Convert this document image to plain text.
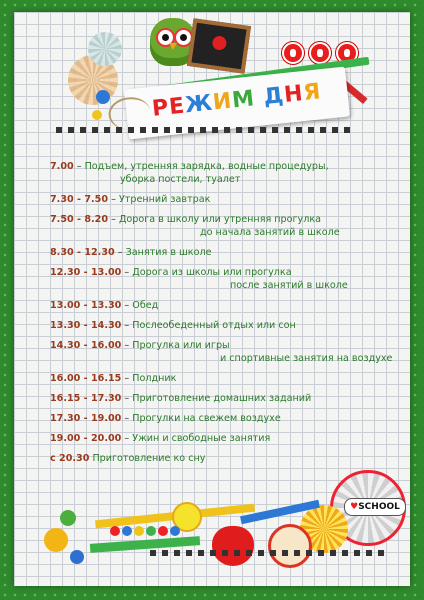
РЕЖИМ ДНЯ
7.00 – Подъем, утренняя зарядка, водные процедуры,
уборка постели, туалет
7.30 - 7.50 – Утренний завтрак
7.50 - 8.20 – Дорога в школу или утренняя прогулка
до начала занятий в школе
8.30 - 12.30 – Занятия в школе
12.30 - 13.00 – Дорога из школы или прогулка
после занятий в школе
13.00 - 13.30 – Обед
13.30 - 14.30 – Послеобеденный отдых или сон
14.30 - 16.00 – Прогулка или игры
и спортивные занятия на воздухе
16.00 - 16.15 – Полдник
16.15 - 17.30 – Приготовление домашних заданий
17.30 - 19.00 – Прогулки на свежем воздухе
19.00 - 20.00 – Ужин и свободные занятия
с 20.30 Приготовление ко сну
♥SCHOOL
